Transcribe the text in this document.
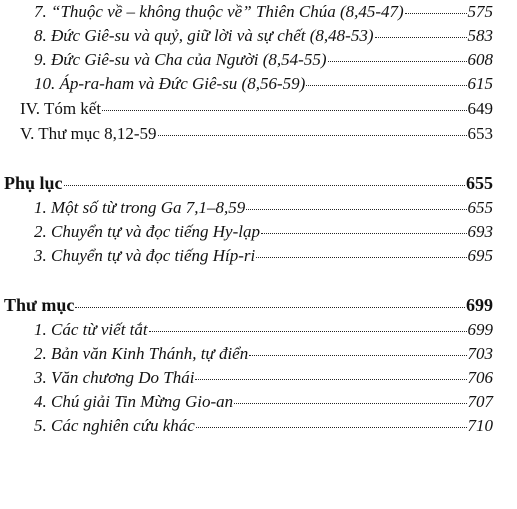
7. “Thuộc về – không thuộc về” Thiên Chúa (8,45-47)	575
8. Đức Giê-su và quỷ, giữ lời và sự chết (8,48-53)	583
9. Đức Giê-su và Cha của Người (8,54-55)	608
10. Áp-ra-ham và Đức Giê-su (8,56-59)	615
IV. Tóm kết	649
V. Thư mục 8,12-59	653
Phụ lục	655
1. Một số từ trong Ga 7,1–8,59	655
2. Chuyển tự và đọc tiếng Hy-lạp	693
3. Chuyển tự và đọc tiếng Híp-ri	695
Thư mục	699
1. Các từ viết tắt	699
2. Bản văn Kinh Thánh, tự điển	703
3. Văn chương Do Thái	706
4. Chú giải Tin Mừng Gio-an	707
5. Các nghiên cứu khác	710
